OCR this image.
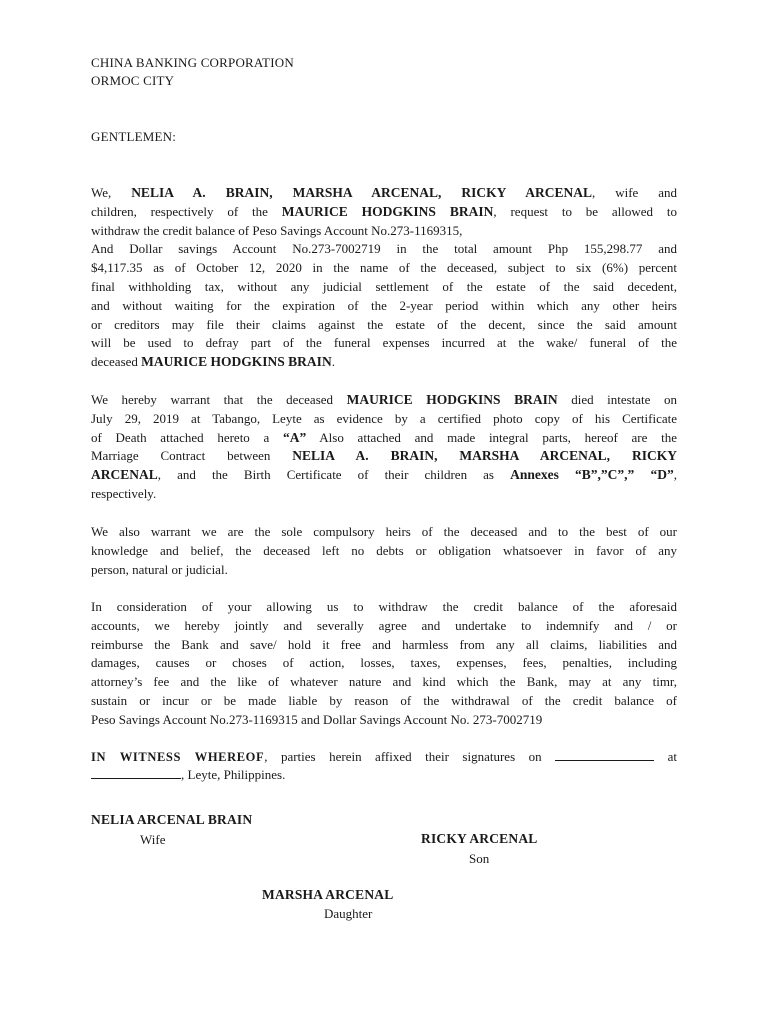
CHINA BANKING CORPORATION
ORMOC CITY
GENTLEMEN:
We, NELIA A. BRAIN, MARSHA ARCENAL, RICKY ARCENAL, wife and
children, respectively of the MAURICE HODGKINS BRAIN, request to be allowed to
withdraw the credit balance of Peso Savings Account No.273-1169315,
And Dollar savings Account No.273-7002719 in the total amount Php 155,298.77 and
$4,117.35 as of October 12, 2020 in the name of the deceased, subject to six (6%) percent
final withholding tax, without any judicial settlement of the estate of the said decedent,
and without waiting for the expiration of the 2-year period within which any other heirs
or creditors may file their claims against the estate of the decent, since the said amount
will be used to defray part of the funeral expenses incurred at the wake/ funeral of the
deceased MAURICE HODGKINS BRAIN.
We hereby warrant that the deceased MAURICE HODGKINS BRAIN died intestate on
July 29, 2019 at Tabango, Leyte as evidence by a certified photo copy of his Certificate
of Death attached hereto a “A” Also attached and made integral parts, hereof are the
Marriage Contract between NELIA A. BRAIN, MARSHA ARCENAL, RICKY
ARCENAL, and the Birth Certificate of their children as Annexes “B”,”C”,” “D”,
respectively.
We also warrant we are the sole compulsory heirs of the deceased and to the best of our
knowledge and belief, the deceased left no debts or obligation whatsoever in favor of any
person, natural or judicial.
In consideration of your allowing us to withdraw the credit balance of the aforesaid
accounts, we hereby jointly and severally agree and undertake to indemnify and / or
reimburse the Bank and save/ hold it free and harmless from any all claims, liabilities and
damages, causes or choses of action, losses, taxes, expenses, fees, penalties, including
attorney’s fee and the like of whatever nature and kind which the Bank, may at any timr,
sustain or incur or be made liable by reason of the withdrawal of the credit balance of
Peso Savings Account No.273-1169315 and Dollar Savings Account No. 273-7002719
IN WITNESS WHEREOF, parties herein affixed their signatures on	at
, Leyte, Philippines.
NELIA ARCENAL BRAIN
Wife	RICKY ARCENAL
Son
MARSHA ARCENAL
Daughter
